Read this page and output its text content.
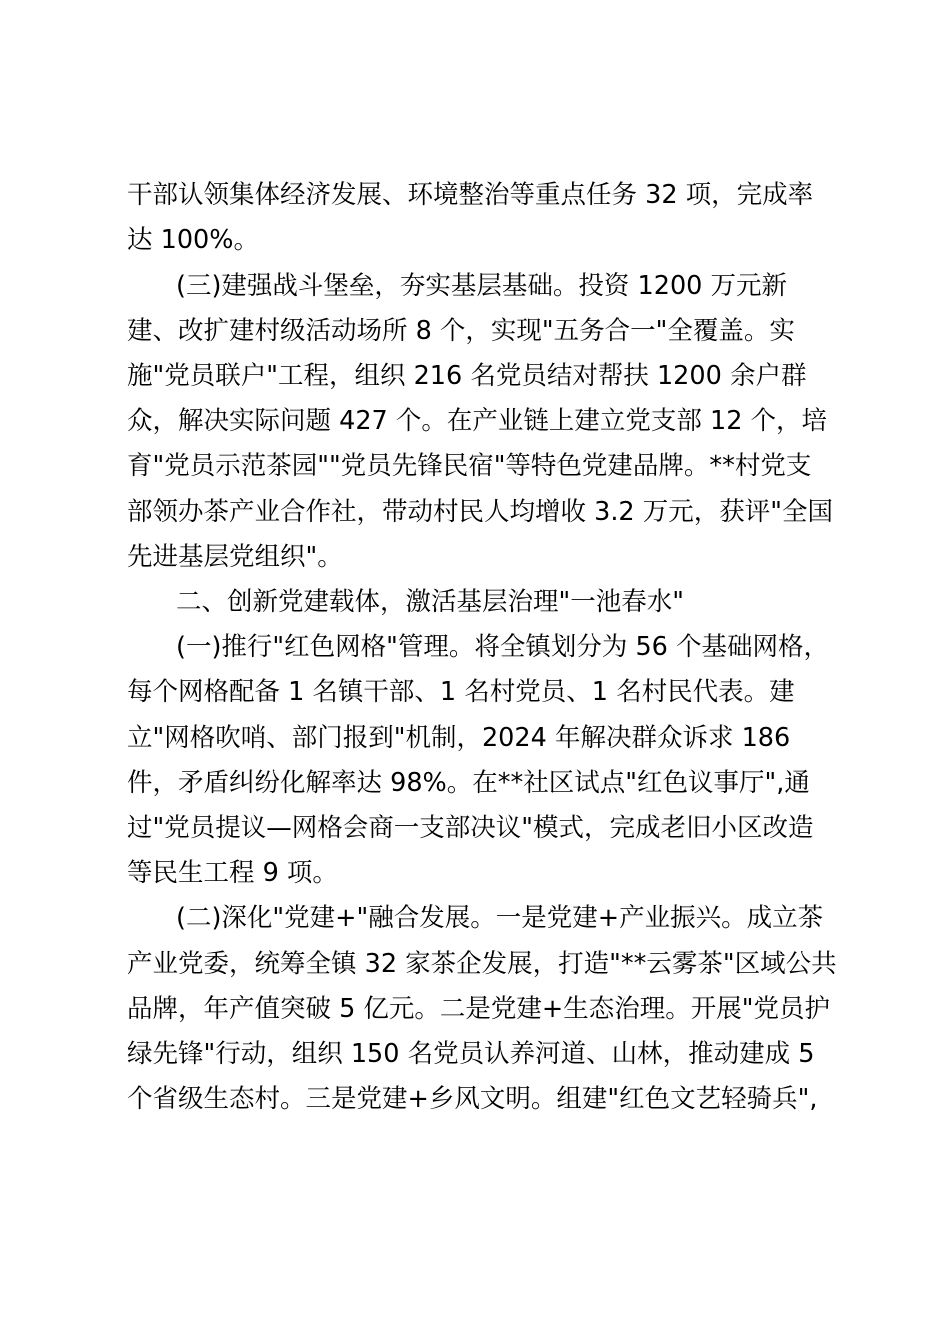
干部认领集体经济发展、环境整治等重点任务 32 项，完成率
达 100%。
(三)建强战斗堡垒，夯实基层基础。投资 1200 万元新
建、改扩建村级活动场所 8 个，实现"五务合一"全覆盖。实
施"党员联户"工程，组织 216 名党员结对帮扶 1200 余户群
众，解决实际问题 427 个。在产业链上建立党支部 12 个，培
育"党员示范茶园""党员先锋民宿"等特色党建品牌。**村党支
部领办茶产业合作社，带动村民人均增收 3.2 万元，获评"全国
先进基层党组织"。
二、创新党建载体，激活基层治理"一池春水"
(一)推行"红色网格"管理。将全镇划分为 56 个基础网格，
每个网格配备 1 名镇干部、1 名村党员、1 名村民代表。建
立"网格吹哨、部门报到"机制，2024 年解决群众诉求 186
件，矛盾纠纷化解率达 98%。在**社区试点"红色议事厅",通
过"党员提议—网格会商一支部决议"模式，完成老旧小区改造
等民生工程 9 项。
(二)深化"党建+"融合发展。一是党建+产业振兴。成立茶
产业党委，统筹全镇 32 家茶企发展，打造"**云雾茶"区域公共
品牌，年产值突破 5 亿元。二是党建+生态治理。开展"党员护
绿先锋"行动，组织 150 名党员认养河道、山林，推动建成 5
个省级生态村。三是党建+乡风文明。组建"红色文艺轻骑兵",
